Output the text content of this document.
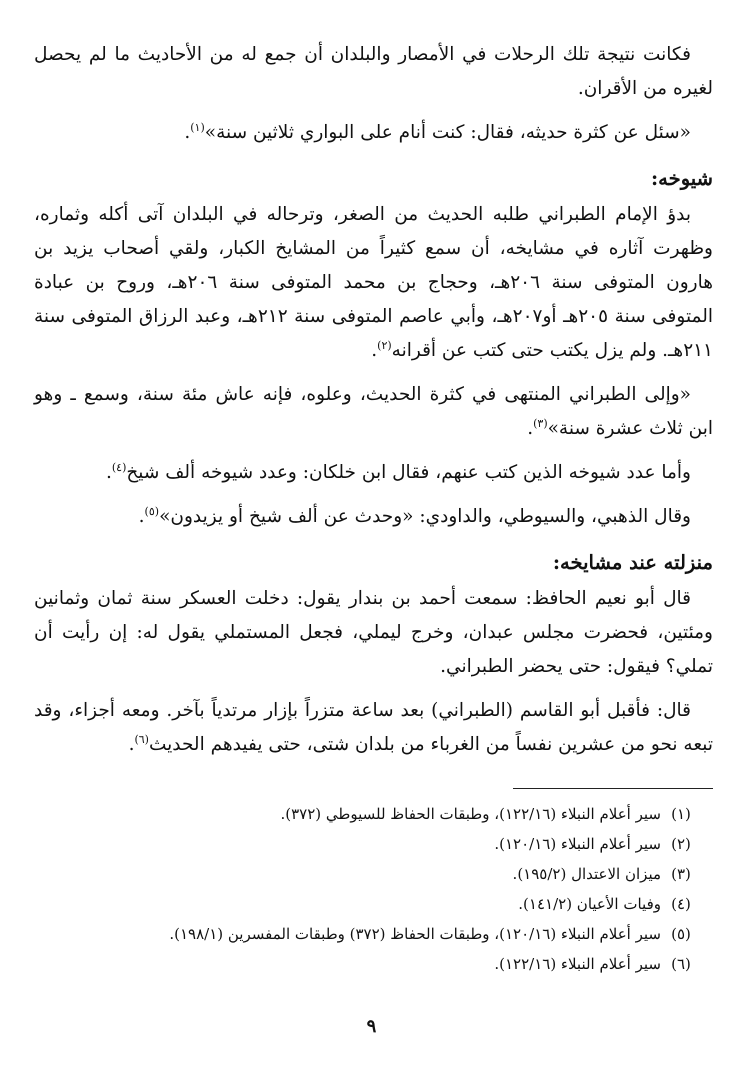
فكانت نتيجة تلك الرحلات في الأمصار والبلدان أن جمع له من الأحاديث ما لم يحصل لغيره من الأقران.

«سئل عن كثرة حديثه، فقال: كنت أنام على البواري ثلاثين سنة»$^{(١)}$.

شيوخه:

بدؤ الإمام الطبراني طلبه الحديث من الصغر، وترحاله في البلدان آتى أكله وثماره، وظهرت آثاره في مشايخه، أن سمع كثيراً من المشايخ الكبار، ولقي أصحاب يزيد بن هارون المتوفى سنة ٢٠٦هـ، وحجاج بن محمد المتوفى سنة ٢٠٦هـ، وروح بن عبادة المتوفى سنة ٢٠٥هـ أو٢٠٧هـ، وأبي عاصم المتوفى سنة ٢١٢هـ، وعبد الرزاق المتوفى سنة ٢١١هـ. ولم يزل يكتب حتى كتب عن أقرانه$^{(٢)}$.

«وإلى الطبراني المنتهى في كثرة الحديث، وعلوه، فإنه عاش مئة سنة، وسمع ـ وهو ابن ثلاث عشرة سنة»$^{(٣)}$.

وأما عدد شيوخه الذين كتب عنهم، فقال ابن خلكان: وعدد شيوخه ألف شيخ$^{(٤)}$.

وقال الذهبي، والسيوطي، والداودي: «وحدث عن ألف شيخ أو يزيدون»$^{(٥)}$.

منزلته عند مشايخه:

قال أبو نعيم الحافظ: سمعت أحمد بن بندار يقول: دخلت العسكر سنة ثمان وثمانين ومئتين، فحضرت مجلس عبدان، وخرج ليملي، فجعل المستملي يقول له: إن رأيت أن تملي؟ فيقول: حتى يحضر الطبراني.

قال: فأقبل أبو القاسم (الطبراني) بعد ساعة متزراً بإزار مرتدياً بآخر. ومعه أجزاء، وقد تبعه نحو من عشرين نفساً من الغرباء من بلدان شتى، حتى يفيدهم الحديث$^{(٦)}$.

(١)
سير أعلام النبلاء (١٢٢/١٦)، وطبقات الحفاظ للسيوطي (٣٧٢).
(٢)
سير أعلام النبلاء (١٢٠/١٦).
(٣)
ميزان الاعتدال (١٩٥/٢).
(٤)
وفيات الأعيان (١٤١/٢).
(٥)
سير أعلام النبلاء (١٢٠/١٦)، وطبقات الحفاظ (٣٧٢) وطبقات المفسرين (١٩٨/١).
(٦)
سير أعلام النبلاء (١٢٢/١٦).
٩
